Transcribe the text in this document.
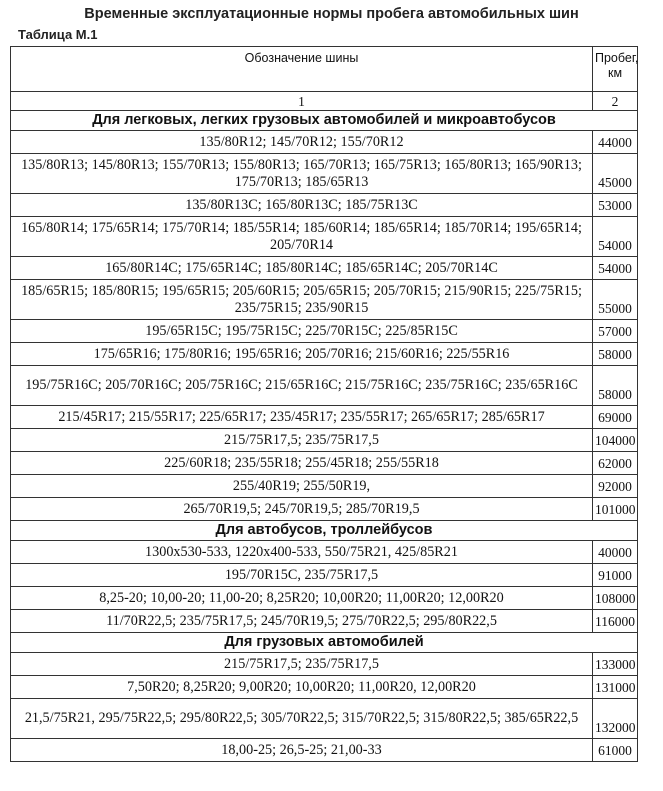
Временные эксплуатационные нормы пробега автомобильных шин
Таблица М.1
Обозначение шины	Пробег, км
1	2
Для легковых, легких грузовых автомобилей и микроавтобусов	
135/80R12; 145/70R12; 155/70R12	44000
135/80R13; 145/80R13; 155/70R13; 155/80R13; 165/70R13; 165/75R13; 165/80R13; 165/90R13; 175/70R13; 185/65R13	45000
135/80R13C; 165/80R13C; 185/75R13C	53000
165/80R14; 175/65R14; 175/70R14; 185/55R14; 185/60R14; 185/65R14; 185/70R14; 195/65R14; 205/70R14	54000
165/80R14C; 175/65R14C; 185/80R14C; 185/65R14C; 205/70R14C	54000
185/65R15; 185/80R15; 195/65R15; 205/60R15; 205/65R15; 205/70R15; 215/90R15; 225/75R15; 235/75R15; 235/90R15	55000
195/65R15C; 195/75R15C; 225/70R15C; 225/85R15C	57000
175/65R16; 175/80R16; 195/65R16; 205/70R16; 215/60R16; 225/55R16	58000
195/75R16C; 205/70R16C; 205/75R16C; 215/65R16C; 215/75R16C; 235/75R16C; 235/65R16C	58000
215/45R17; 215/55R17; 225/65R17; 235/45R17; 235/55R17; 265/65R17; 285/65R17	69000
215/75R17,5; 235/75R17,5	104000
225/60R18; 235/55R18; 255/45R18; 255/55R18	62000
255/40R19; 255/50R19,	92000
265/70R19,5; 245/70R19,5; 285/70R19,5	101000
Для автобусов, троллейбусов	
1300x530-533, 1220x400-533, 550/75R21, 425/85R21	40000
195/70R15C, 235/75R17,5	91000
8,25-20; 10,00-20; 11,00-20; 8,25R20; 10,00R20; 11,00R20; 12,00R20	108000
11/70R22,5; 235/75R17,5; 245/70R19,5; 275/70R22,5; 295/80R22,5	116000
Для грузовых автомобилей	
215/75R17,5; 235/75R17,5	133000
7,50R20; 8,25R20; 9,00R20; 10,00R20; 11,00R20, 12,00R20	131000
21,5/75R21, 295/75R22,5; 295/80R22,5; 305/70R22,5; 315/70R22,5; 315/80R22,5; 385/65R22,5	132000
18,00-25; 26,5-25; 21,00-33	61000
